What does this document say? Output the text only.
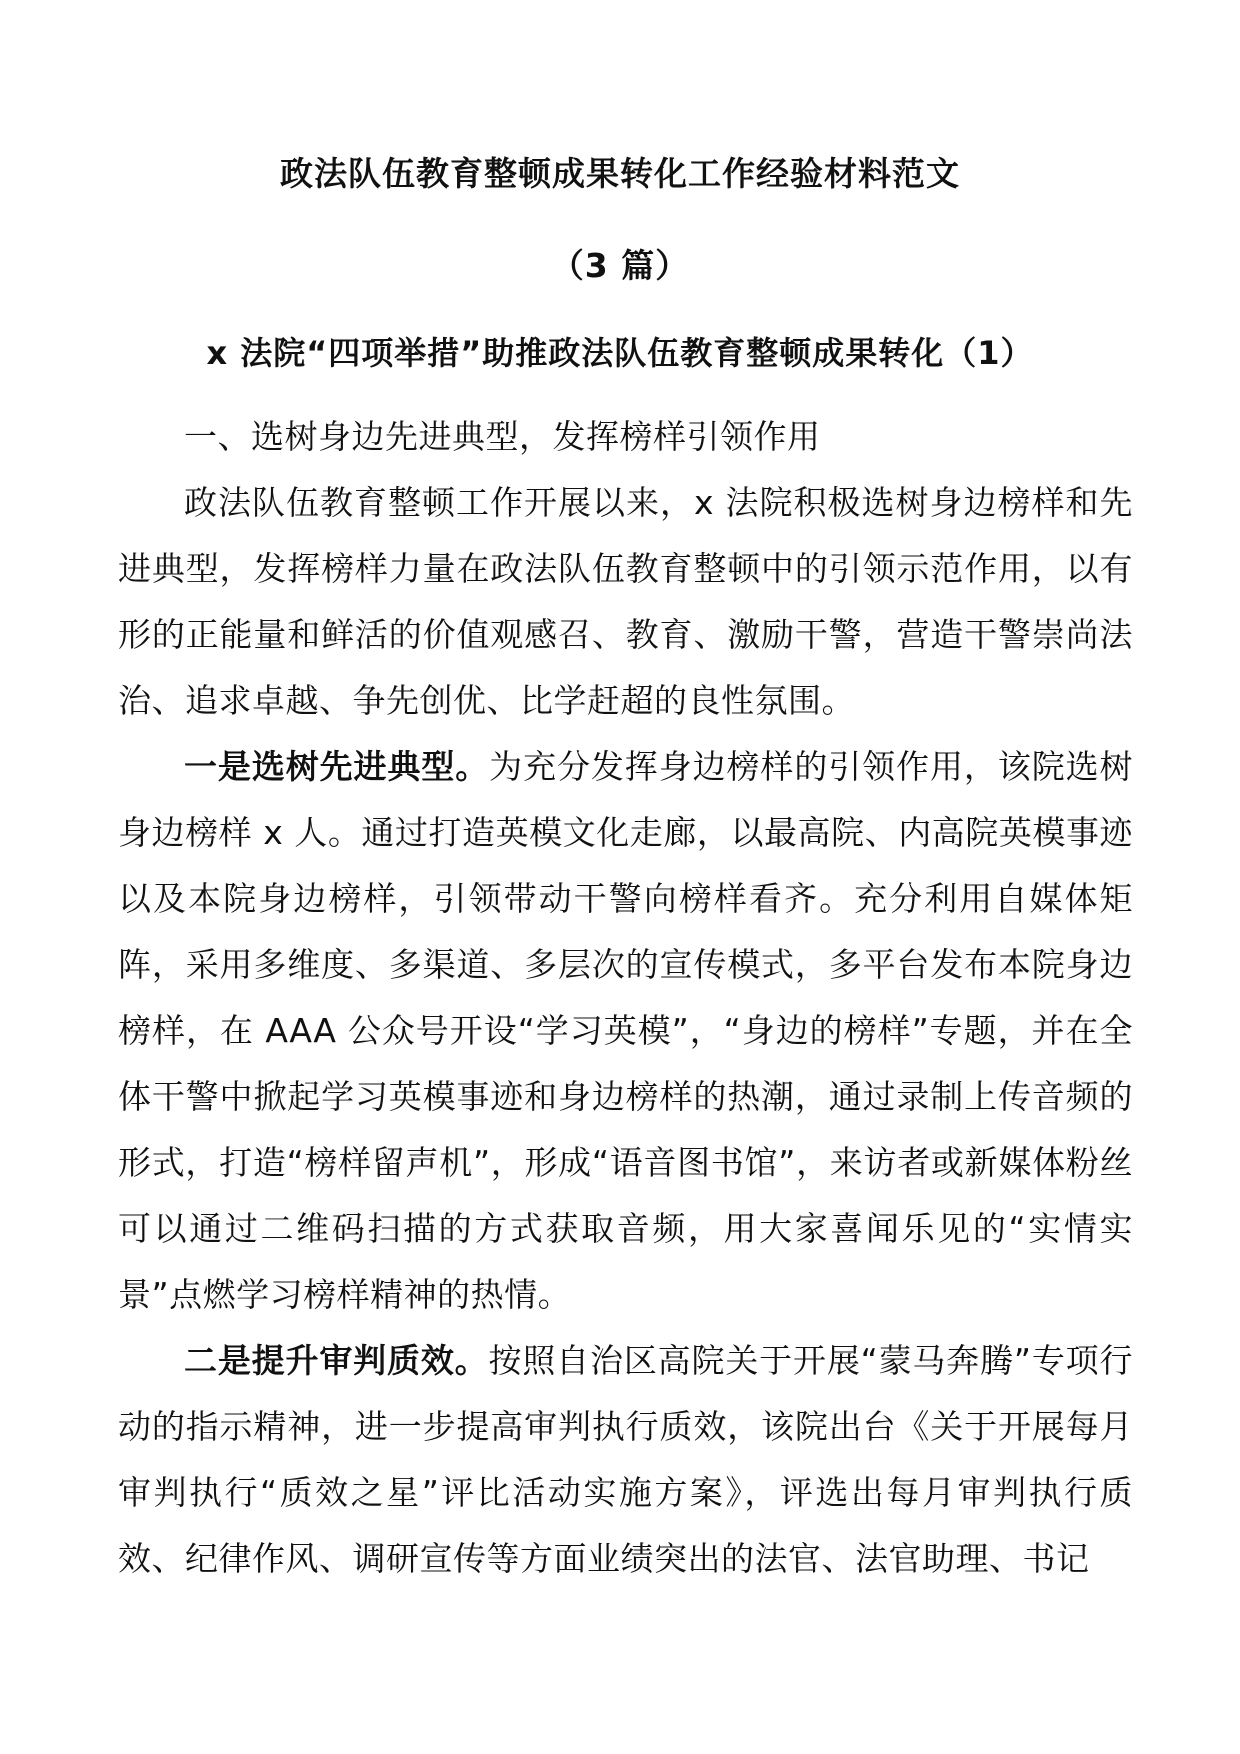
政法队伍教育整顿成果转化工作经验材料范文
（3 篇）
x 法院“四项举措”助推政法队伍教育整顿成果转化（1）

一、选树身边先进典型，发挥榜样引领作用

政法队伍教育整顿工作开展以来，x 法院积极选树身边榜样和先进典型，发挥榜样力量在政法队伍教育整顿中的引领示范作用，以有形的正能量和鲜活的价值观感召、教育、激励干警，营造干警崇尚法治、追求卓越、争先创优、比学赶超的良性氛围。

一是选树先进典型。为充分发挥身边榜样的引领作用，该院选树身边榜样 x 人。通过打造英模文化走廊，以最高院、内高院英模事迹以及本院身边榜样，引领带动干警向榜样看齐。充分利用自媒体矩阵，采用多维度、多渠道、多层次的宣传模式，多平台发布本院身边榜样，在 AAA 公众号开设“学习英模”，“身边的榜样”专题，并在全体干警中掀起学习英模事迹和身边榜样的热潮，通过录制上传音频的形式，打造“榜样留声机”，形成“语音图书馆”，来访者或新媒体粉丝可以通过二维码扫描的方式获取音频，用大家喜闻乐见的“实情实景”点燃学习榜样精神的热情。

二是提升审判质效。按照自治区高院关于开展“蒙马奔腾”专项行动的指示精神，进一步提高审判执行质效，该院出台《关于开展每月审判执行“质效之星”评比活动实施方案》，评选出每月审判执行质效、纪律作风、调研宣传等方面业绩突出的法官、法官助理、书记
